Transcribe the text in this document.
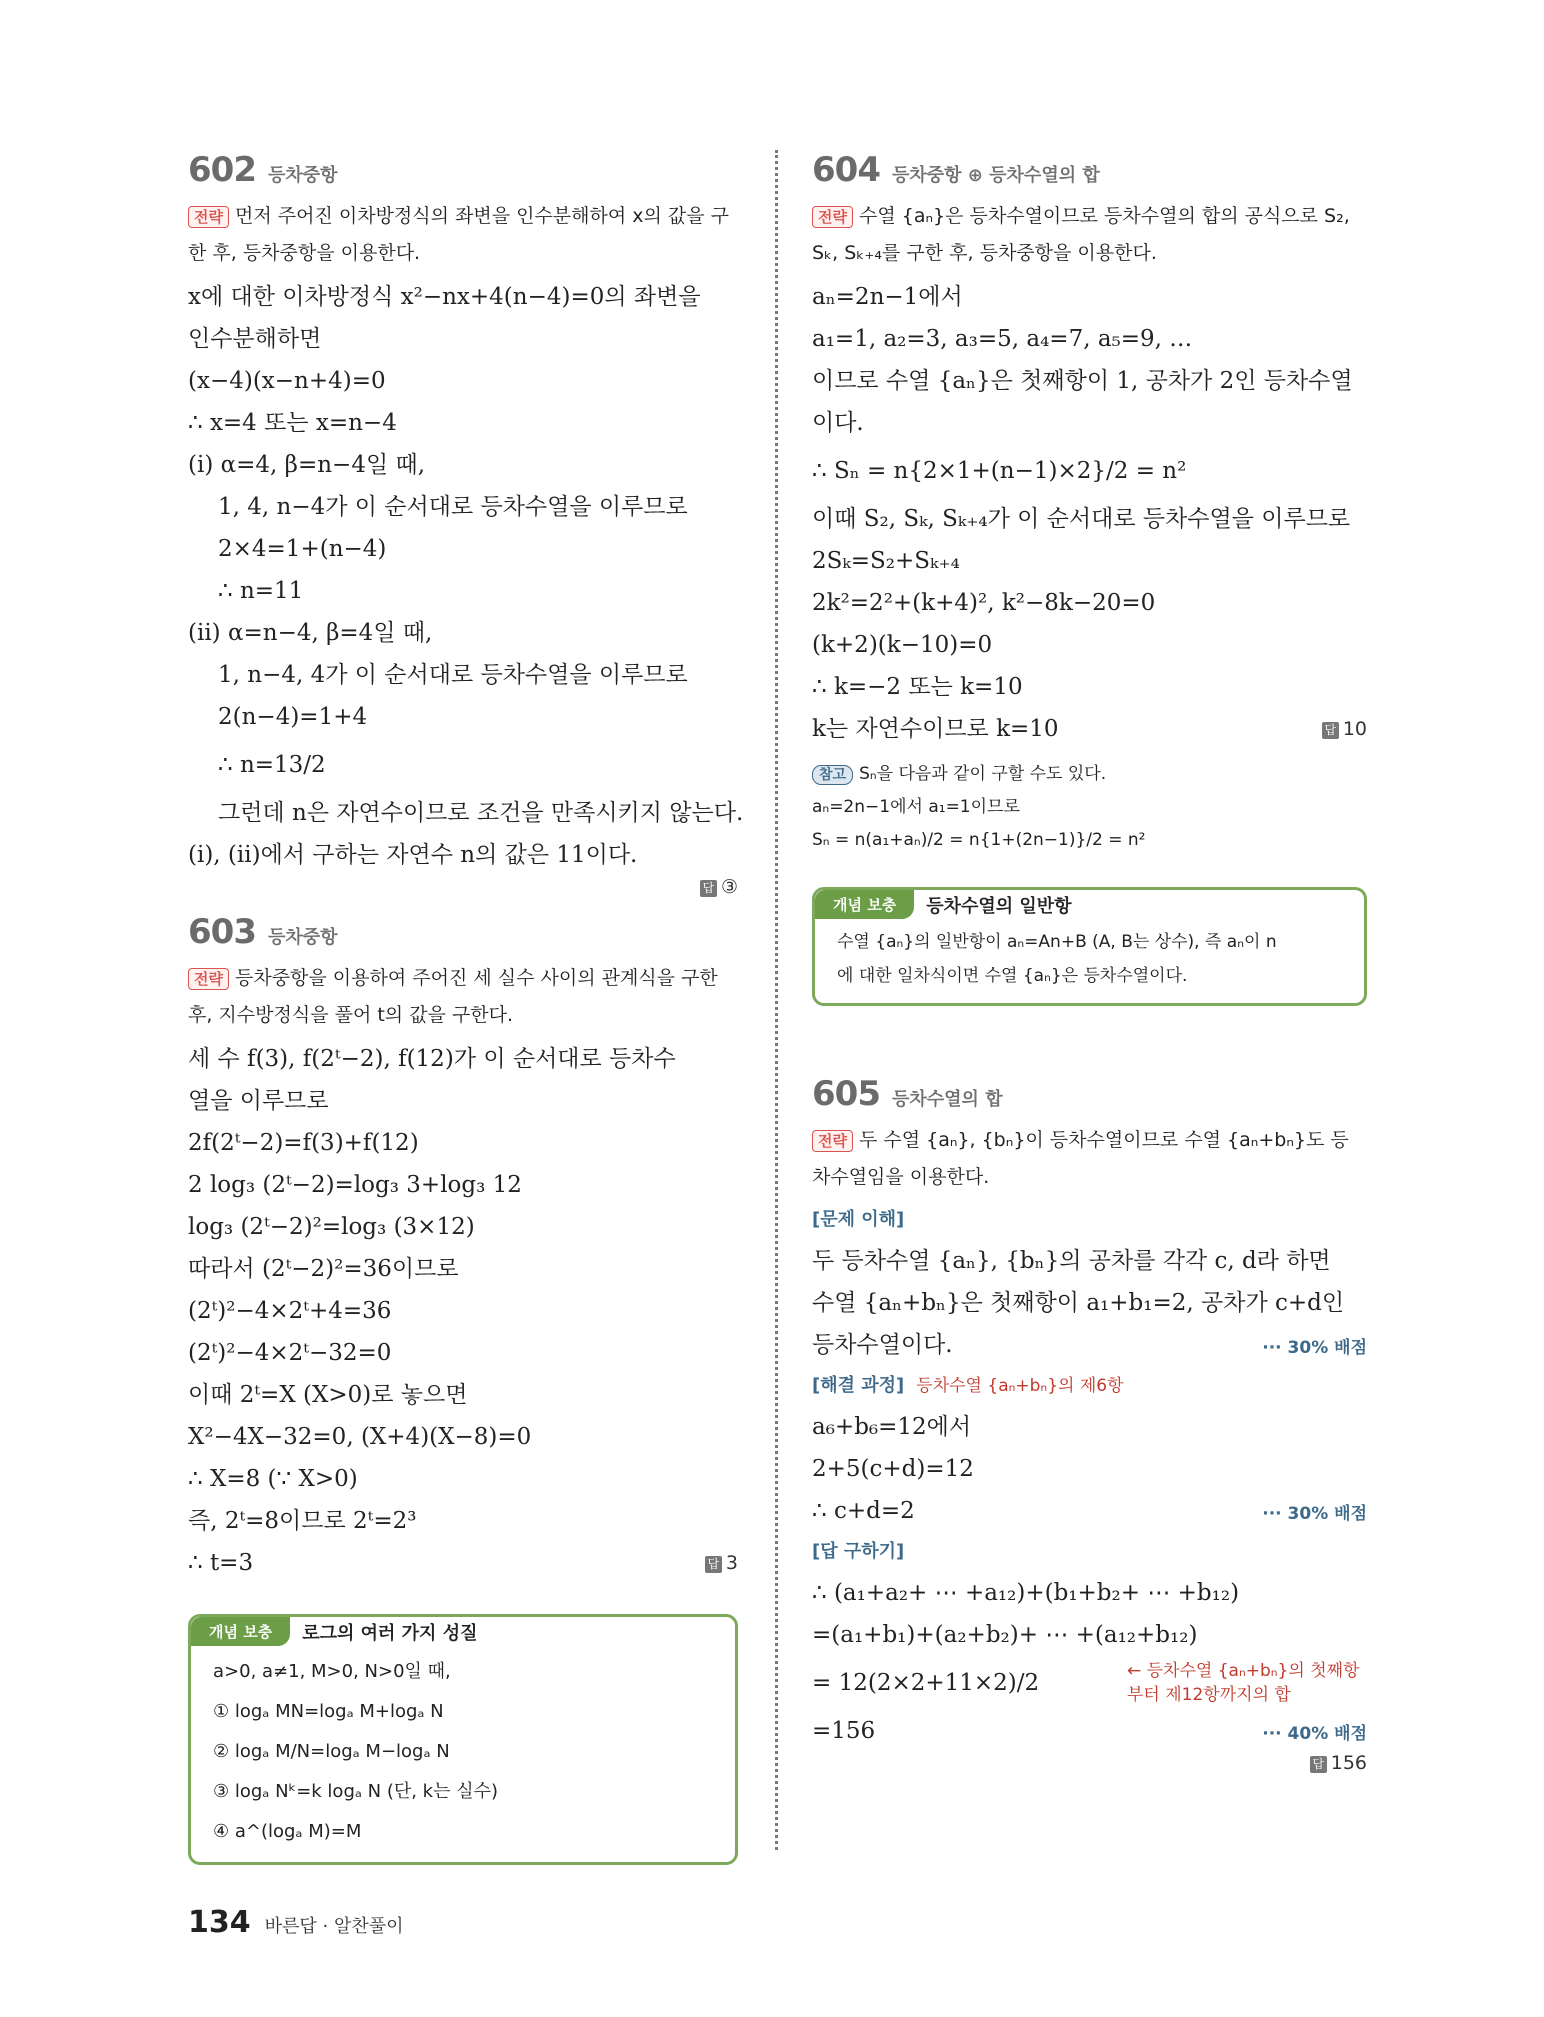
602 등차중항
전략 먼저 주어진 이차방정식의 좌변을 인수분해하여 x의 값을 구한 후, 등차중항을 이용한다.
x에 대한 이차방정식 x²−nx+4(n−4)=0의 좌변을
인수분해하면
(x−4)(x−n+4)=0
∴ x=4 또는 x=n−4
(i) α=4, β=n−4일 때,
1, 4, n−4가 이 순서대로 등차수열을 이루므로
2×4=1+(n−4)
∴ n=11
(ii) α=n−4, β=4일 때,
1, n−4, 4가 이 순서대로 등차수열을 이루므로
2(n−4)=1+4
∴ n=13/2
그런데 n은 자연수이므로 조건을 만족시키지 않는다.
(i), (ii)에서 구하는 자연수 n의 값은 11이다.
답 ③
603 등차중항
전략 등차중항을 이용하여 주어진 세 실수 사이의 관계식을 구한 후, 지수방정식을 풀어 t의 값을 구한다.
세 수 f(3), f(2ᵗ−2), f(12)가 이 순서대로 등차수
열을 이루므로
2f(2ᵗ−2)=f(3)+f(12)
2 log₃ (2ᵗ−2)=log₃ 3+log₃ 12
log₃ (2ᵗ−2)²=log₃ (3×12)
따라서 (2ᵗ−2)²=36이므로
(2ᵗ)²−4×2ᵗ+4=36
(2ᵗ)²−4×2ᵗ−32=0
이때 2ᵗ=X (X>0)로 놓으면
X²−4X−32=0, (X+4)(X−8)=0
∴ X=8 (∵ X>0)
즉, 2ᵗ=8이므로 2ᵗ=2³
∴ t=3	답 3
개념 보충	로그의 여러 가지 성질
a>0, a≠1, M>0, N>0일 때,
① logₐ MN=logₐ M+logₐ N
② logₐ M/N=logₐ M−logₐ N
③ logₐ Nᵏ=k logₐ N (단, k는 실수)
④ a^(logₐ M)=M
604 등차중항 ⊕ 등차수열의 합
전략 수열 {aₙ}은 등차수열이므로 등차수열의 합의 공식으로 S₂, Sₖ, Sₖ₊₄를 구한 후, 등차중항을 이용한다.
aₙ=2n−1에서
a₁=1, a₂=3, a₃=5, a₄=7, a₅=9, …
이므로 수열 {aₙ}은 첫째항이 1, 공차가 2인 등차수열
이다.
∴ Sₙ = n{2×1+(n−1)×2}/2 = n²
이때 S₂, Sₖ, Sₖ₊₄가 이 순서대로 등차수열을 이루므로
2Sₖ=S₂+Sₖ₊₄
2k²=2²+(k+4)², k²−8k−20=0
(k+2)(k−10)=0
∴ k=−2 또는 k=10
k는 자연수이므로 k=10	답 10
참고 Sₙ을 다음과 같이 구할 수도 있다.
aₙ=2n−1에서 a₁=1이므로
Sₙ = n(a₁+aₙ)/2 = n{1+(2n−1)}/2 = n²
개념 보충	등차수열의 일반항
수열 {aₙ}의 일반항이 aₙ=An+B (A, B는 상수), 즉 aₙ이 n
에 대한 일차식이면 수열 {aₙ}은 등차수열이다.
605 등차수열의 합
전략 두 수열 {aₙ}, {bₙ}이 등차수열이므로 수열 {aₙ+bₙ}도 등차수열임을 이용한다.
[문제 이해]
두 등차수열 {aₙ}, {bₙ}의 공차를 각각 c, d라 하면
수열 {aₙ+bₙ}은 첫째항이 a₁+b₁=2, 공차가 c+d인
등차수열이다.	··· 30% 배점
[해결 과정] 등차수열 {aₙ+bₙ}의 제6항
a₆+b₆=12에서
2+5(c+d)=12
∴ c+d=2	··· 30% 배점
[답 구하기]
∴ (a₁+a₂+ ⋯ +a₁₂)+(b₁+b₂+ ⋯ +b₁₂)
=(a₁+b₁)+(a₂+b₂)+ ⋯ +(a₁₂+b₁₂)
= 12(2×2+11×2)/2	← 등차수열 {aₙ+bₙ}의 첫째항부터 제12항까지의 합
=156	··· 40% 배점
답 156
134 바른답 · 알찬풀이
